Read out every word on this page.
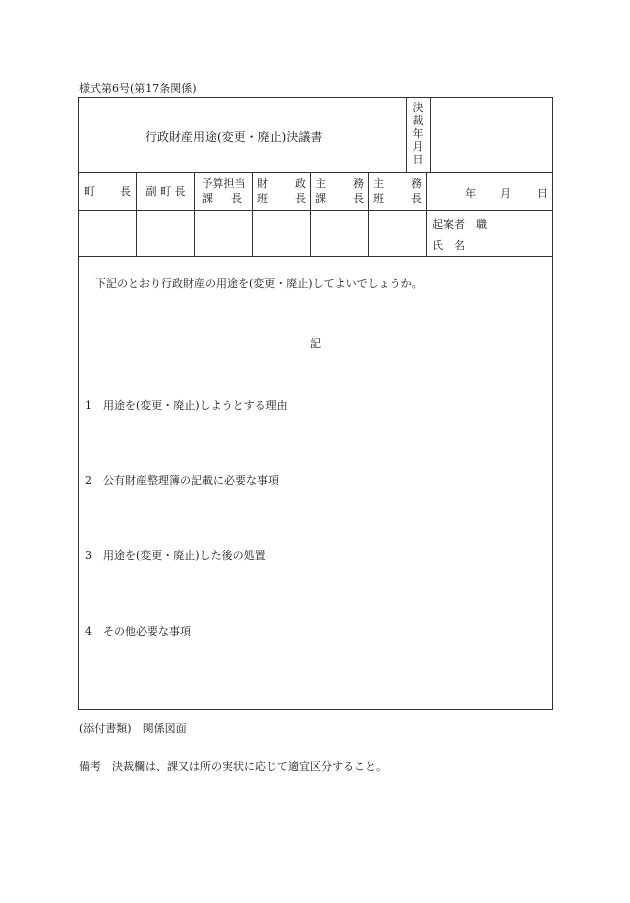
様式第6号(第17条関係)
行政財産用途(変更・廃止)決議書
決
裁
年
月
日
町 長 副 町 長
予算担当
課 長
財 政
班 長
主 務
課 長
主 務
班 長	年 月 日
起案者　職
氏　名
下記のとおり行政財産の用途を(変更・廃止)してよいでしょうか。
記
1　用途を(変更・廃止)しようとする理由
2　公有財産整理簿の記載に必要な事項
3　用途を(変更・廃止)した後の処置
4　その他必要な事項
(添付書類)　関係図面
備考　決裁欄は、課又は所の実状に応じて適宜区分すること。
